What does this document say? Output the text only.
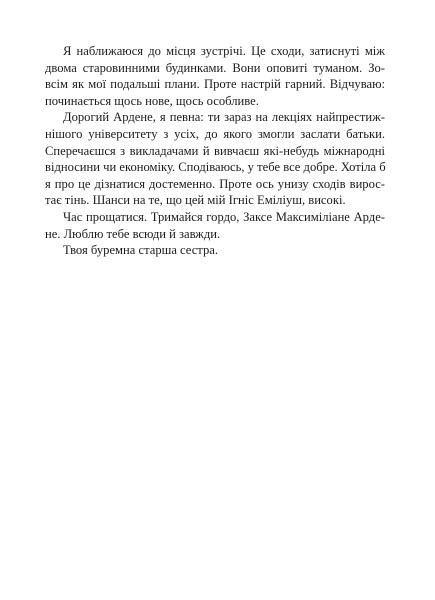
Я наближаюся до місця зустрічі. Це сходи, затиснуті між
двома старовинними будинками. Вони оповиті туманом. Зо-
всім як мої подальші плани. Проте настрій гарний. Відчуваю:
починається щось нове, щось особливе.
Дорогий Ардене, я певна: ти зараз на лекціях найпрестиж-
нішого університету з усіх, до якого змогли заслати батьки.
Сперечаєшся з викладачами й вивчаєш які-небудь міжнародні
відносини чи економіку. Сподіваюсь, у тебе все добре. Хотіла б
я про це дізнатися достеменно. Проте ось унизу сходів вирос-
тає тінь. Шанси на те, що цей мій Ігніс Еміліуш, високі.
Час прощатися. Тримайся гордо, Заксе Максиміліане Арде-
не. Люблю тебе всюди й завжди.
Твоя буремна старша сестра.
